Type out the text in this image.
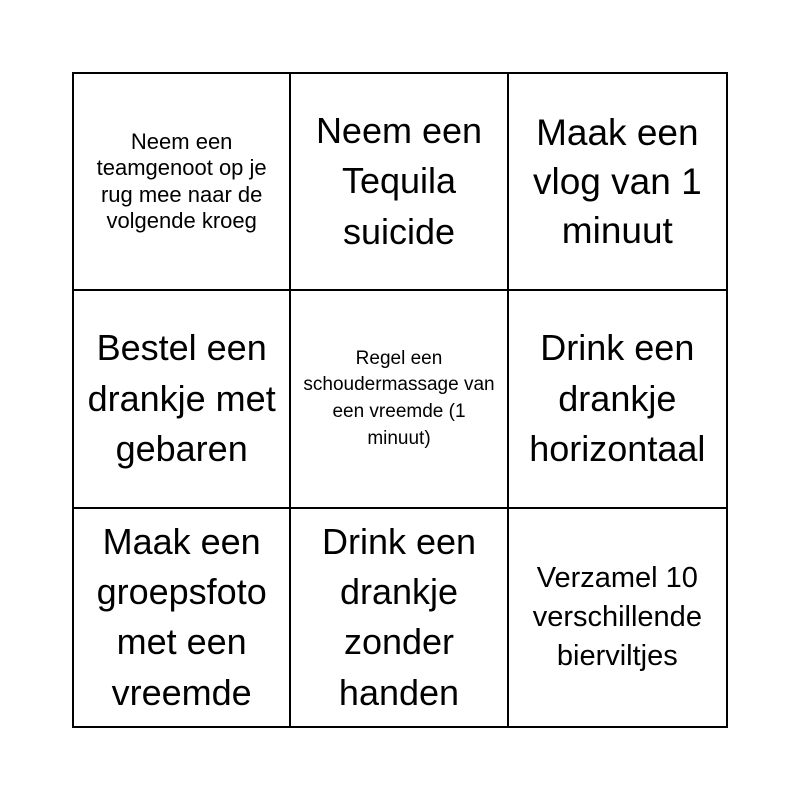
Neem een teamgenoot op je rug mee naar de volgende kroeg
Neem een Tequila suicide
Maak een vlog van 1 minuut
Bestel een drankje met gebaren
Regel een schoudermassage van een vreemde (1 minuut)
Drink een drankje horizontaal
Maak een groepsfoto met een vreemde
Drink een drankje zonder handen
Verzamel 10 verschillende bierviltjes
